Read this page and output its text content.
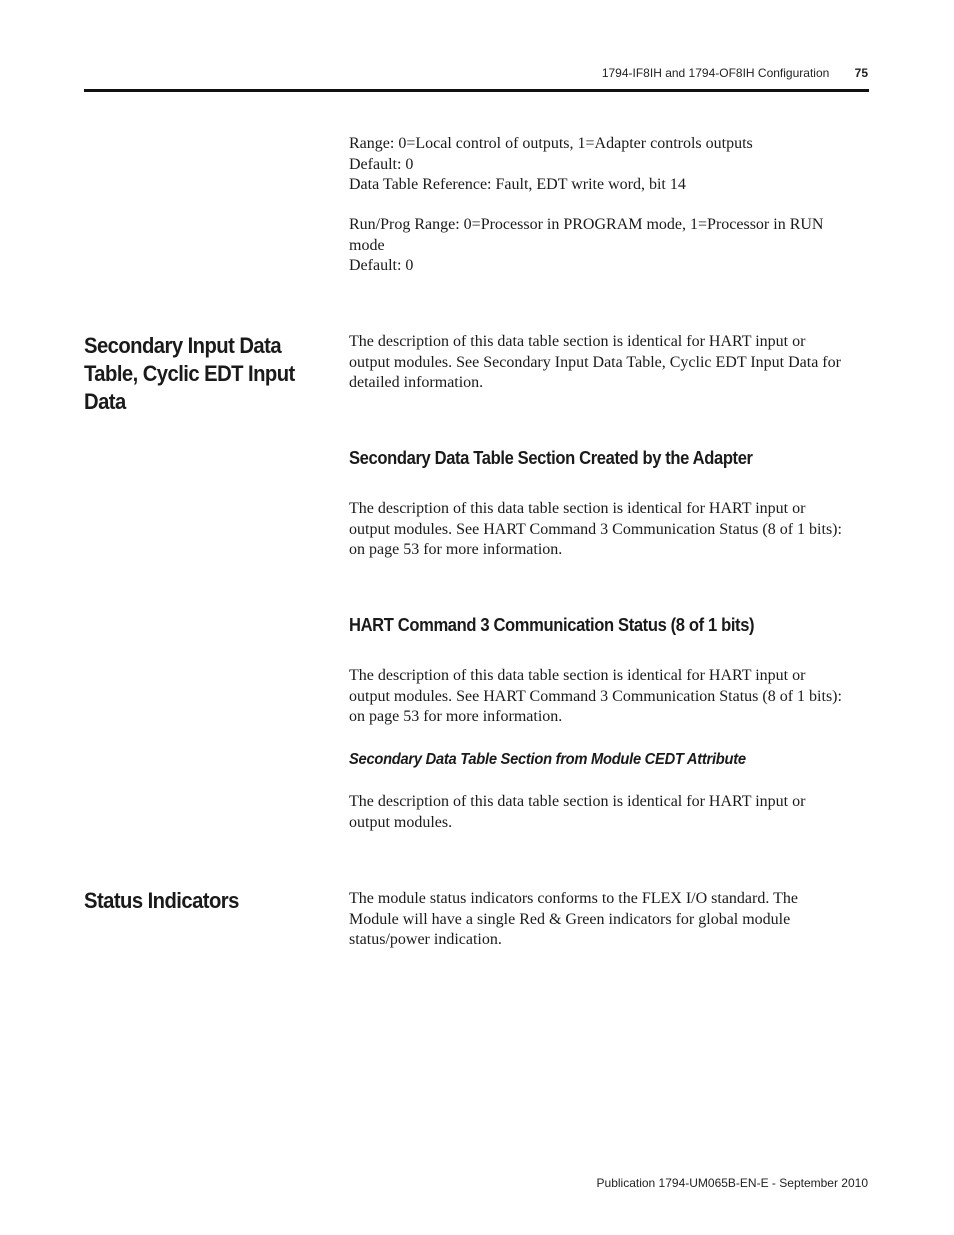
1794-IF8IH and 1794-OF8IH Configuration 75

Range: 0=Local control of outputs, 1=Adapter controls outputs
Default: 0
Data Table Reference: Fault, EDT write word, bit 14

Run/Prog Range: 0=Processor in PROGRAM mode, 1=Processor in RUN
mode
Default: 0

Secondary Input Data
Table, Cyclic EDT Input
Data

The description of this data table section is identical for HART input or
output modules. See Secondary Input Data Table, Cyclic EDT Input Data for
detailed information.

Secondary Data Table Section Created by the Adapter

The description of this data table section is identical for HART input or
output modules. See HART Command 3 Communication Status (8 of 1 bits):
on page 53 for more information.

HART Command 3 Communication Status (8 of 1 bits)

The description of this data table section is identical for HART input or
output modules. See HART Command 3 Communication Status (8 of 1 bits):
on page 53 for more information.

Secondary Data Table Section from Module CEDT Attribute

The description of this data table section is identical for HART input or
output modules.

Status Indicators	The module status indicators conforms to the FLEX I/O standard. The
Module will have a single Red & Green indicators for global module
status/power indication.

Publication 1794-UM065B-EN-E - September 2010
